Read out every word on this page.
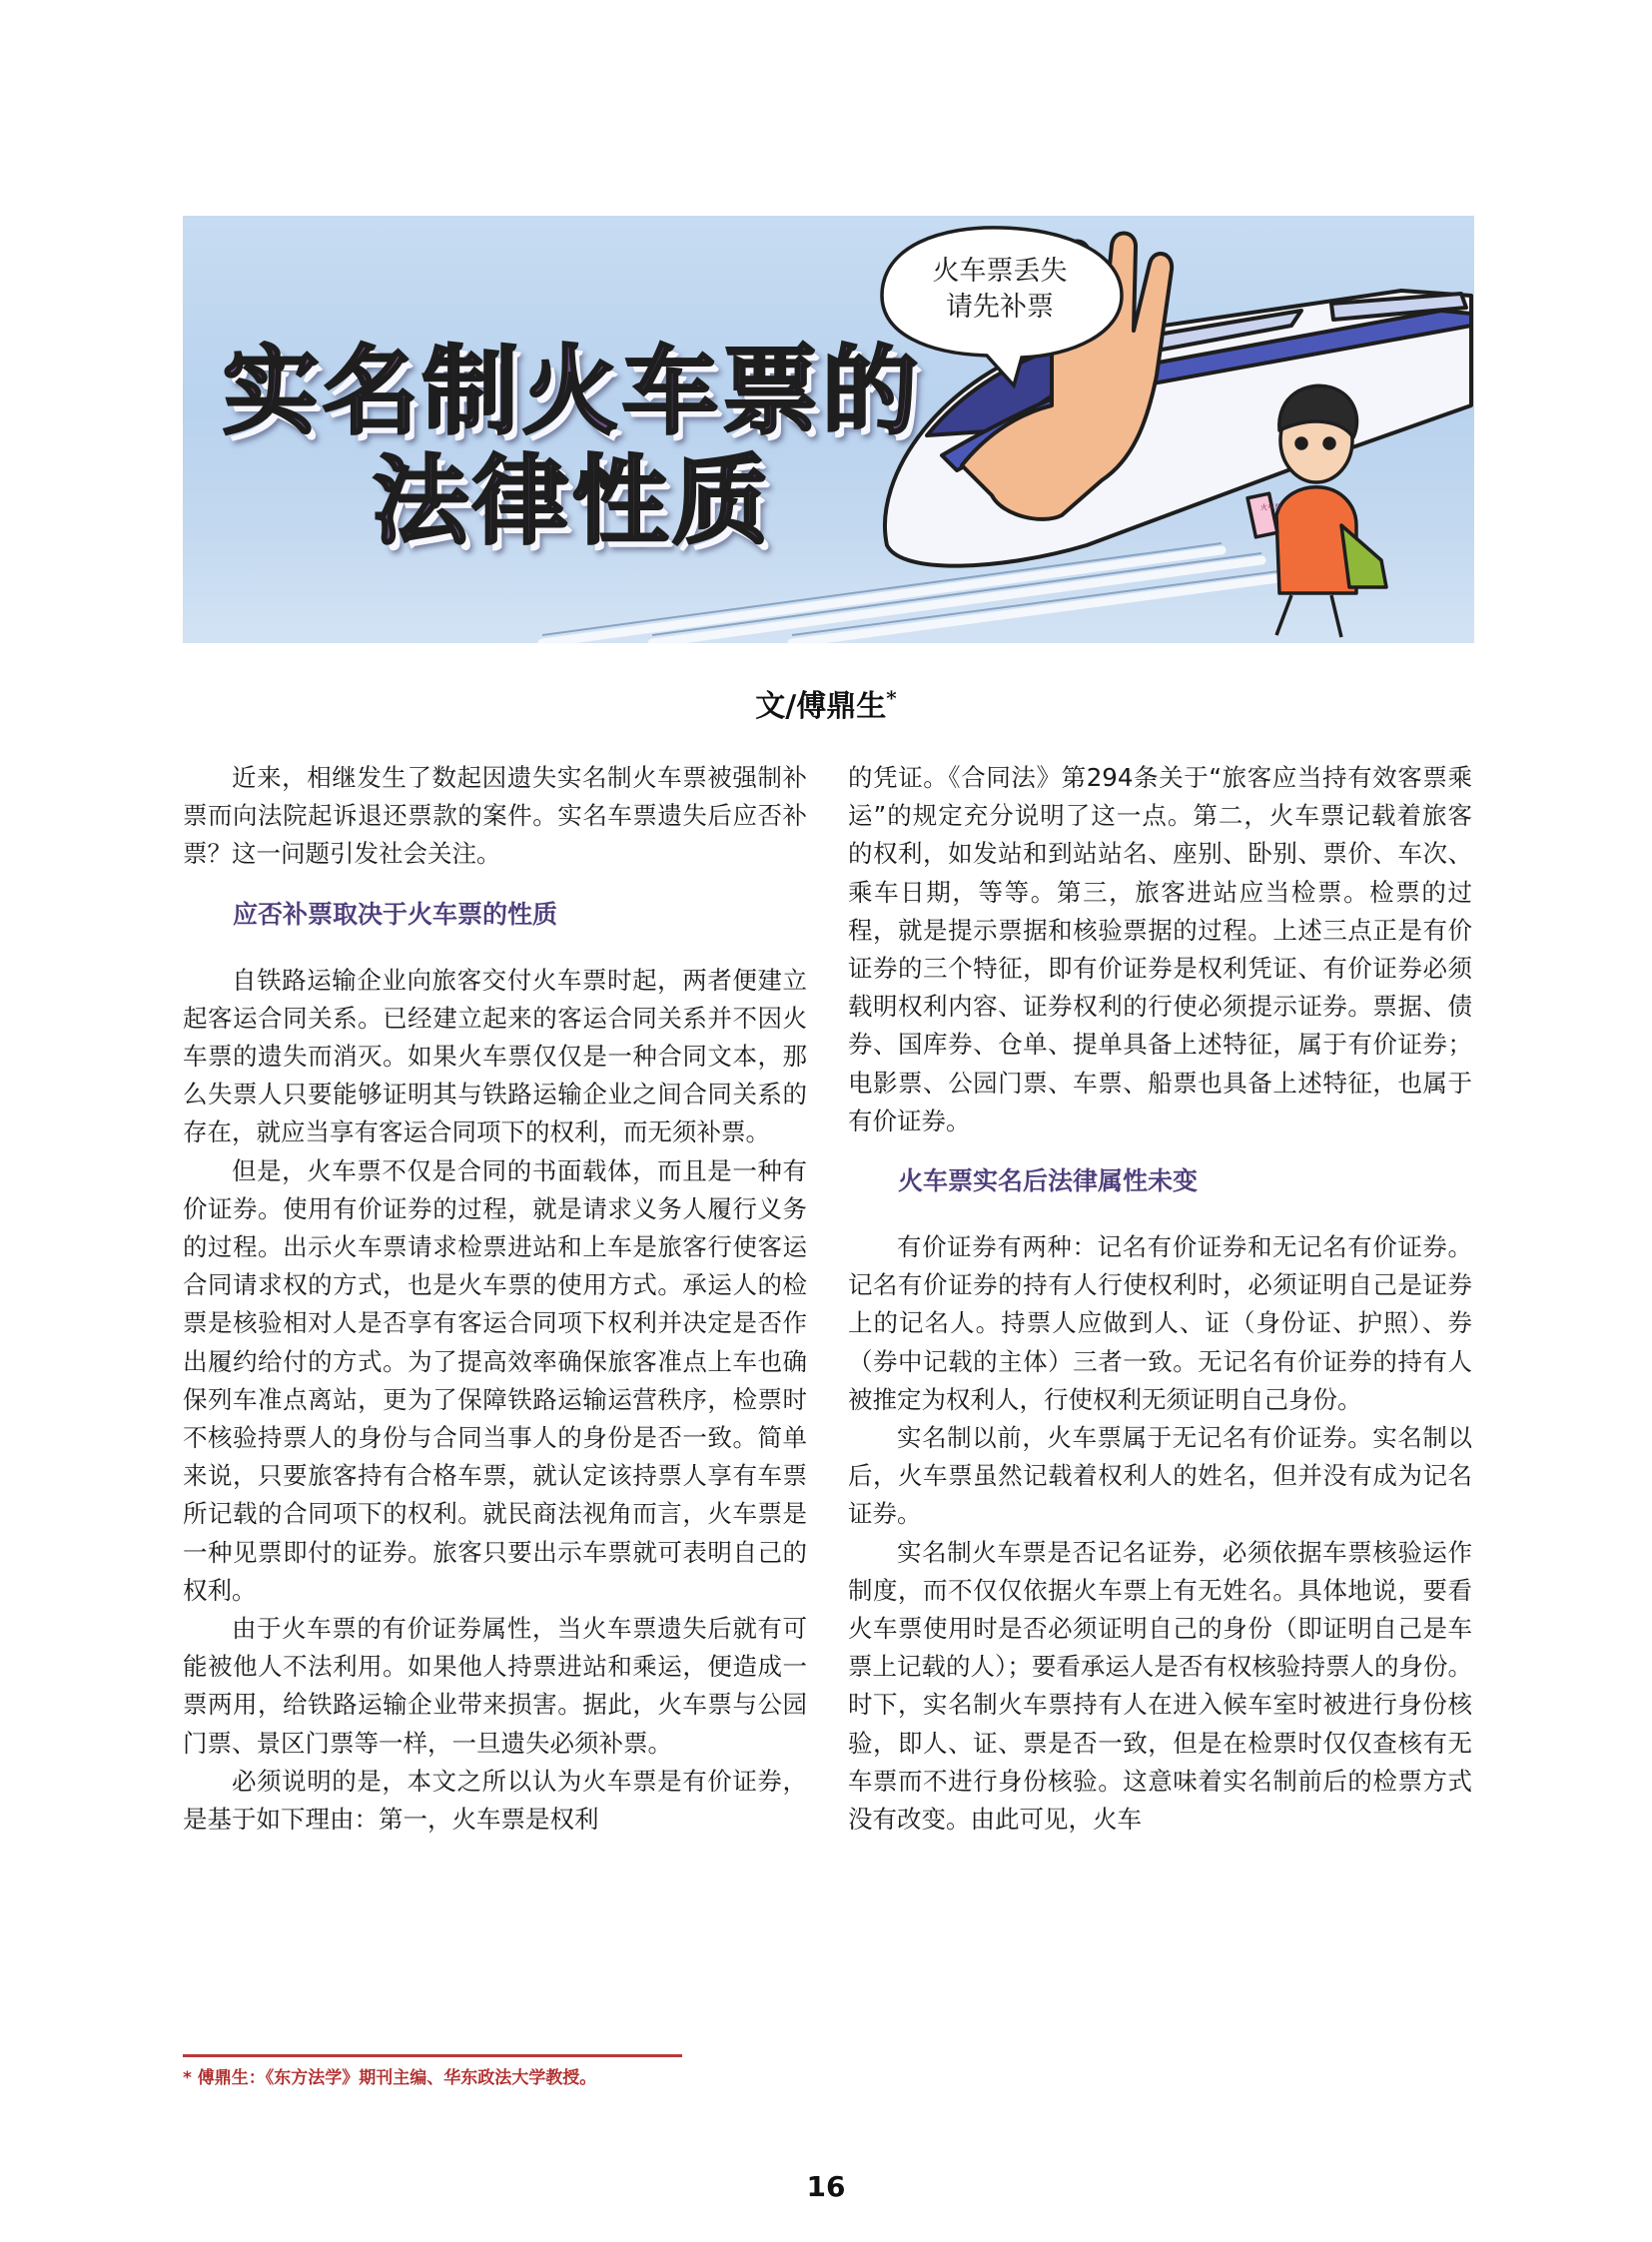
实名制火车票的
法律性质
火车票丢失
请先补票
火车票
文/傅鼎生*

近来，相继发生了数起因遗失实名制火车票被强制补票而向法院起诉退还票款的案件。实名车票遗失后应否补票？这一问题引发社会关注。

应否补票取决于火车票的性质

自铁路运输企业向旅客交付火车票时起，两者便建立起客运合同关系。已经建立起来的客运合同关系并不因火车票的遗失而消灭。如果火车票仅仅是一种合同文本，那么失票人只要能够证明其与铁路运输企业之间合同关系的存在，就应当享有客运合同项下的权利，而无须补票。

但是，火车票不仅是合同的书面载体，而且是一种有价证券。使用有价证券的过程，就是请求义务人履行义务的过程。出示火车票请求检票进站和上车是旅客行使客运合同请求权的方式，也是火车票的使用方式。承运人的检票是核验相对人是否享有客运合同项下权利并决定是否作出履约给付的方式。为了提高效率确保旅客准点上车也确保列车准点离站，更为了保障铁路运输运营秩序，检票时不核验持票人的身份与合同当事人的身份是否一致。简单来说，只要旅客持有合格车票，就认定该持票人享有车票所记载的合同项下的权利。就民商法视角而言，火车票是一种见票即付的证券。旅客只要出示车票就可表明自己的权利。

由于火车票的有价证券属性，当火车票遗失后就有可能被他人不法利用。如果他人持票进站和乘运，便造成一票两用，给铁路运输企业带来损害。据此，火车票与公园门票、景区门票等一样，一旦遗失必须补票。

必须说明的是，本文之所以认为火车票是有价证券，是基于如下理由：第一，火车票是权利

的凭证。《合同法》第294条关于“旅客应当持有效客票乘运”的规定充分说明了这一点。第二，火车票记载着旅客的权利，如发站和到站站名、座别、卧别、票价、车次、乘车日期，等等。第三，旅客进站应当检票。检票的过程，就是提示票据和核验票据的过程。上述三点正是有价证券的三个特征，即有价证券是权利凭证、有价证券必须载明权利内容、证券权利的行使必须提示证券。票据、债券、国库券、仓单、提单具备上述特征，属于有价证券；电影票、公园门票、车票、船票也具备上述特征，也属于有价证券。

火车票实名后法律属性未变

有价证券有两种：记名有价证券和无记名有价证券。记名有价证券的持有人行使权利时，必须证明自己是证券上的记名人。持票人应做到人、证（身份证、护照）、券（券中记载的主体）三者一致。无记名有价证券的持有人被推定为权利人，行使权利无须证明自己身份。

实名制以前，火车票属于无记名有价证券。实名制以后，火车票虽然记载着权利人的姓名，但并没有成为记名证券。

实名制火车票是否记名证券，必须依据车票核验运作制度，而不仅仅依据火车票上有无姓名。具体地说，要看火车票使用时是否必须证明自己的身份（即证明自己是车票上记载的人）；要看承运人是否有权核验持票人的身份。时下，实名制火车票持有人在进入候车室时被进行身份核验，即人、证、票是否一致，但是在检票时仅仅查核有无车票而不进行身份核验。这意味着实名制前后的检票方式没有改变。由此可见，火车

* 傅鼎生：《东方法学》期刊主编、华东政法大学教授。
16
